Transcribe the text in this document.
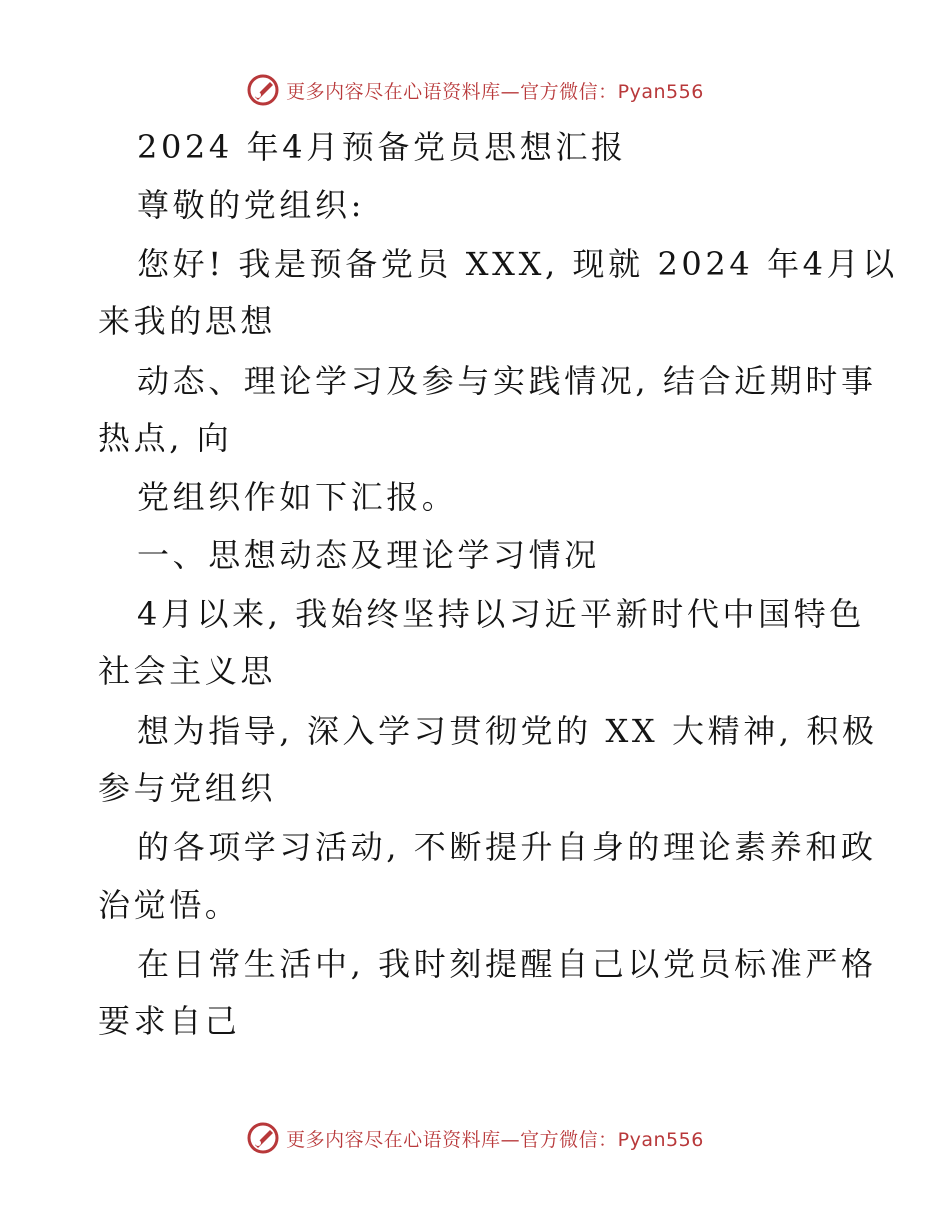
更多内容尽在心语资料库—官方微信：Pyan556
2024 年4月预备党员思想汇报
尊敬的党组织:
您好! 我是预备党员 XXX, 现就 2024 年4月以
来我的思想
动态、理论学习及参与实践情况, 结合近期时事
热点, 向
党组织作如下汇报。
一、思想动态及理论学习情况
4月以来, 我始终坚持以习近平新时代中国特色
社会主义思
想为指导, 深入学习贯彻党的 XX 大精神, 积极
参与党组织
的各项学习活动, 不断提升自身的理论素养和政
治觉悟。
在日常生活中, 我时刻提醒自己以党员标准严格
要求自己
更多内容尽在心语资料库—官方微信：Pyan556
